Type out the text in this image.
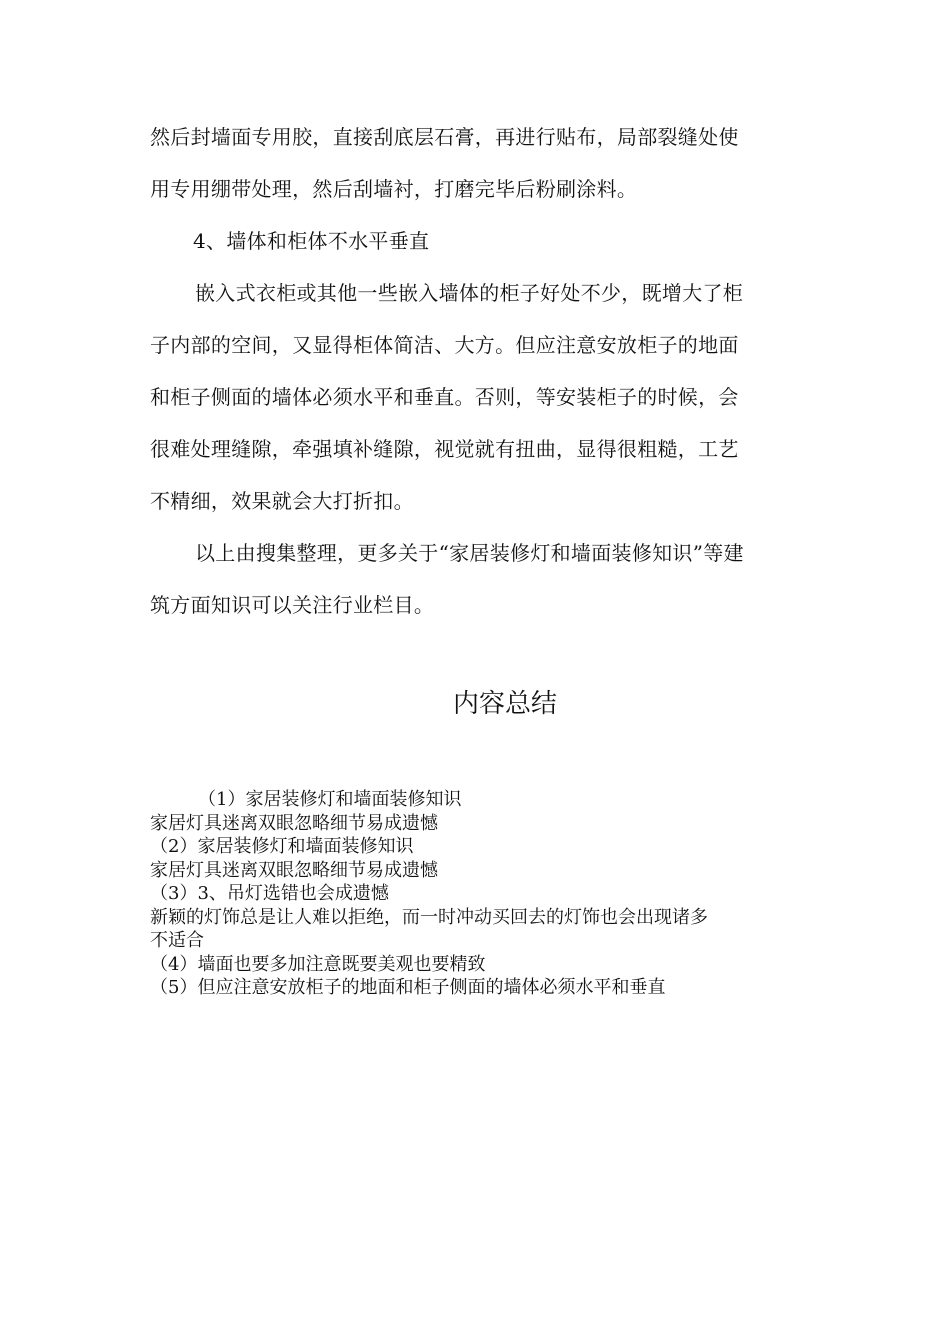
然后封墙面专用胶，直接刮底层石膏，再进行贴布，局部裂缝处使
用专用绷带处理，然后刮墙衬，打磨完毕后粉刷涂料。
4、墙体和柜体不水平垂直
嵌入式衣柜或其他一些嵌入墙体的柜子好处不少，既增大了柜
子内部的空间，又显得柜体简洁、大方。但应注意安放柜子的地面
和柜子侧面的墙体必须水平和垂直。否则，等安装柜子的时候，会
很难处理缝隙，牵强填补缝隙，视觉就有扭曲，显得很粗糙，工艺
不精细，效果就会大打折扣。
以上由搜集整理，更多关于“家居装修灯和墙面装修知识”等建
筑方面知识可以关注行业栏目。
内容总结
（1）家居装修灯和墙面装修知识
家居灯具迷离双眼忽略细节易成遗憾
（2）家居装修灯和墙面装修知识
家居灯具迷离双眼忽略细节易成遗憾
（3）3、吊灯选错也会成遗憾
新颖的灯饰总是让人难以拒绝，而一时冲动买回去的灯饰也会出现诸多
不适合
（4）墙面也要多加注意既要美观也要精致
（5）但应注意安放柜子的地面和柜子侧面的墙体必须水平和垂直
